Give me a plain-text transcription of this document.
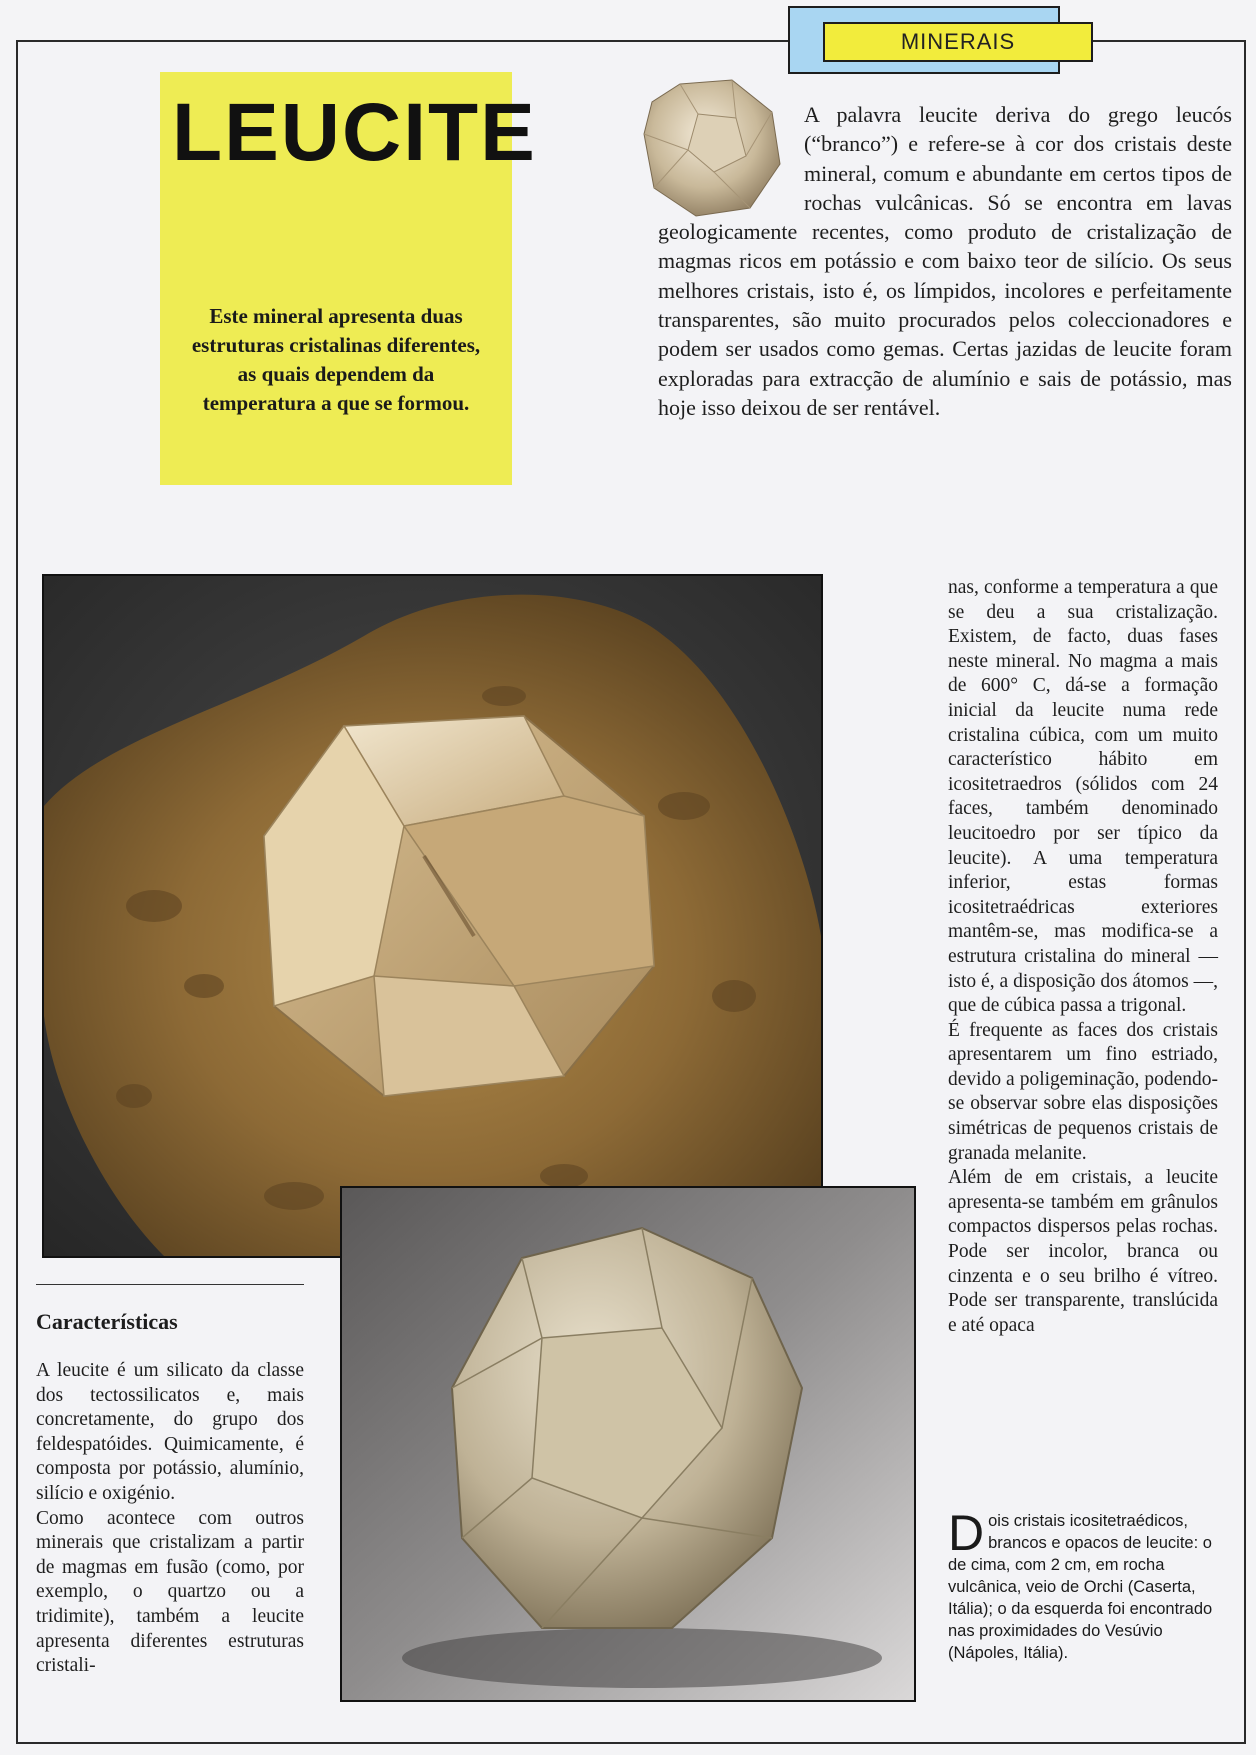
MINERAIS
LEUCITE

Este mineral apresenta duas estruturas cristalinas diferentes, as quais dependem da temperatura a que se formou.

A palavra leucite deriva do grego leucós (“branco”) e refere-se à cor dos cristais deste mineral, comum e abundante em certos tipos de rochas vulcânicas. Só se encontra em lavas geologicamente recentes, como produto de cristalização de magmas ricos em potássio e com baixo teor de silício. Os seus melhores cristais, isto é, os límpidos, incolores e perfeitamente transparentes, são muito procurados pelos coleccionadores e podem ser usados como gemas. Certas jazidas de leucite foram exploradas para extracção de alumínio e sais de potássio, mas hoje isso deixou de ser rentável.

nas, conforme a temperatura a que se deu a sua cristalização. Existem, de facto, duas fases neste mineral. No magma a mais de 600° C, dá-se a formação inicial da leucite numa rede cristalina cúbica, com um muito característico hábito em icositetraedros (sólidos com 24 faces, também denominado leucitoedro por ser típico da leucite). A uma temperatura inferior, estas formas icositetraédricas exteriores mantêm-se, mas modifica-se a estrutura cristalina do mineral — isto é, a disposição dos átomos —, que de cúbica passa a trigonal.

É frequente as faces dos cristais apresentarem um fino estriado, devido a poligeminação, podendo-se observar sobre elas disposições simétricas de pequenos cristais de granada melanite.

Além de em cristais, a leucite apresenta-se também em grânulos compactos dispersos pelas rochas. Pode ser incolor, branca ou cinzenta e o seu brilho é vítreo. Pode ser transparente, translúcida e até opaca

Características

A leucite é um silicato da classe dos tectossilicatos e, mais concretamente, do grupo dos feldespatóides. Quimicamente, é composta por potássio, alumínio, silício e oxigénio.

Como acontece com outros minerais que cristalizam a partir de magmas em fusão (como, por exemplo, o quartzo ou a tridimite), também a leucite apresenta diferentes estruturas cristali-

Dois cristais icositetraédicos, brancos e opacos de leucite: o de cima, com 2 cm, em rocha vulcânica, veio de Orchi (Caserta, Itália); o da esquerda foi encontrado nas proximidades do Vesúvio (Nápoles, Itália).
